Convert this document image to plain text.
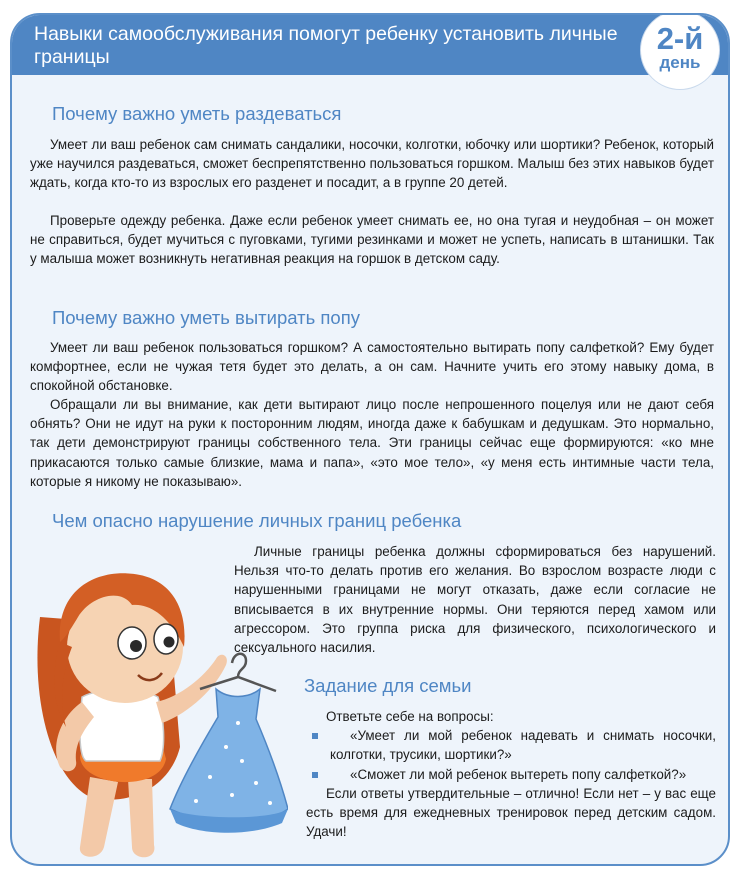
Навыки самообслуживания помогут ребенку установить личные границы
2-й
день
Почему важно уметь раздеваться

Умеет ли ваш ребенок сам снимать сандалики, носочки, колготки, юбочку или шортики? Ребенок, который уже научился раздеваться, сможет беспрепятственно пользоваться горшком. Малыш без этих навыков будет ждать, когда кто-то из взрослых его разденет и посадит, а в группе 20 детей.

Проверьте одежду ребенка. Даже если ребенок умеет снимать ее, но она тугая и неудобная – он может не справиться, будет мучиться с пуговками, тугими резинками и может не успеть, написать в штанишки. Так у малыша может возникнуть негативная реакция на горшок в детском саду.

Почему важно уметь вытирать попу

Умеет ли ваш ребенок пользоваться горшком? А самостоятельно вытирать попу салфеткой? Ему будет комфортнее, если не чужая тетя будет это делать, а он сам. Начните учить его этому навыку дома, в спокойной обстановке.

Обращали ли вы внимание, как дети вытирают лицо после непрошенного поцелуя или не дают себя обнять? Они не идут на руки к посторонним людям, иногда даже к бабушкам и дедушкам. Это нормально, так дети демонстрируют границы собственного тела. Эти границы сейчас еще формируются: «ко мне прикасаются только самые близкие, мама и папа», «это мое тело», «у меня есть интимные части тела, которые я никому не показываю».

Чем опасно нарушение личных границ ребенка

Личные границы ребенка должны сформироваться без нарушений. Нельзя что-то делать против его желания. Во взрослом возрасте люди с нарушенными границами не могут отказать, даже если согласие не вписывается в их внутренние нормы. Они теряются перед хамом или агрессором. Это группа риска для физического, психологического и сексуального насилия.

Задание для семьи

Ответьте себе на вопросы:

«Умеет ли мой ребенок надевать и снимать носочки, колготки, трусики, шортики?»

«Сможет ли мой ребенок вытереть попу салфеткой?»

Если ответы утвердительные – отлично! Если нет – у вас еще есть время для ежедневных тренировок перед детским садом. Удачи!
